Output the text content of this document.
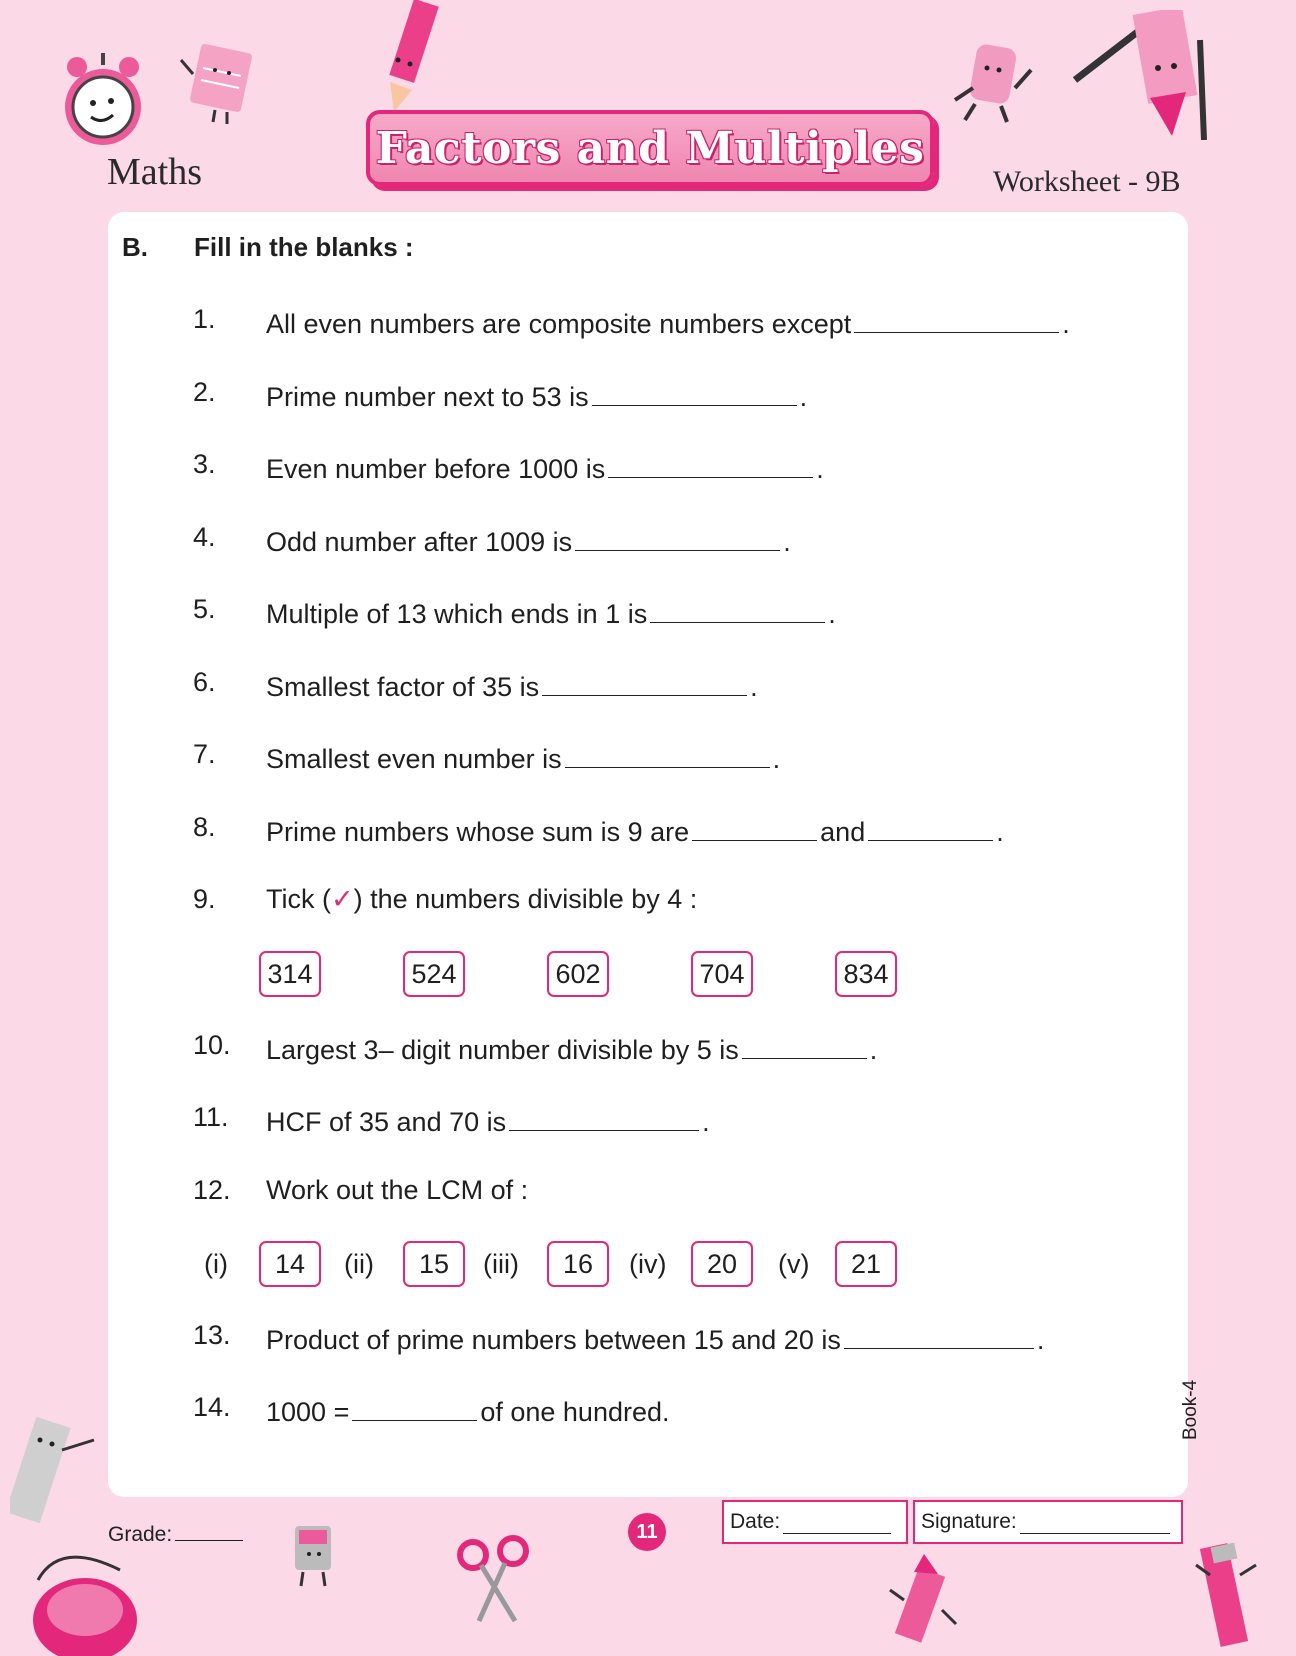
Maths	Factors and Multiples
Worksheet - 9B
B. Fill in the blanks :
1. All even numbers are composite numbers except	.
2. Prime number next to 53 is	.
3. Even number before 1000 is	.
4. Odd number after 1009 is	.
5. Multiple of 13 which ends in 1 is	.
6. Smallest factor of 35 is	.
7. Smallest even number is	.
8. Prime numbers whose sum is 9 are	and	.
9. Tick (✓) the numbers divisible by 4 :
314	524	602	704	834
10. Largest 3– digit number divisible by 5 is	.
11. HCF of 35 and 70 is	.
12. Work out the LCM of :
(i)	14	(ii)	15	(iii)	16	(iv)	20	(v)	21
13. Product of prime numbers between 15 and 20 is	.
14. 1000 =	of one hundred.	Book-4
Grade:	11	Date:	Signature:
